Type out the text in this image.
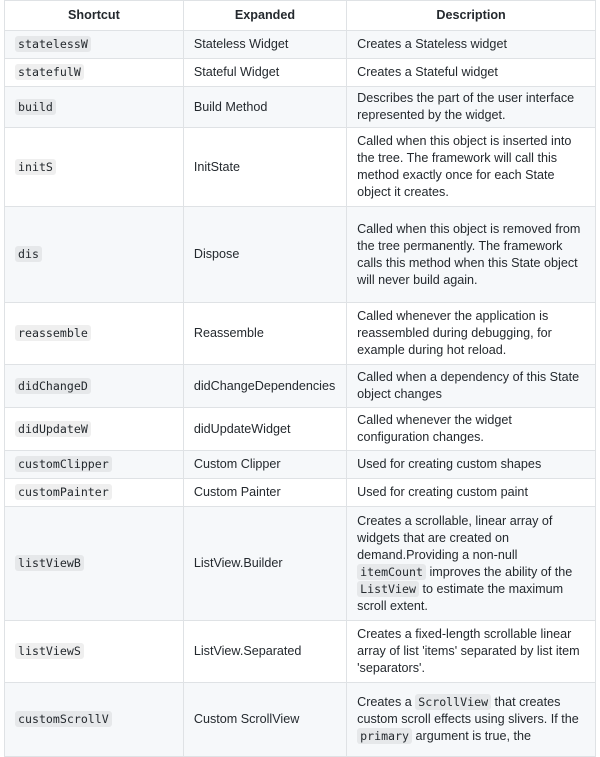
Shortcut	Expanded	Description
statelessW	Stateless Widget	Creates a Stateless widget
statefulW	Stateful Widget	Creates a Stateful widget
build	Build Method	Describes the part of the user interface represented by the widget.
initS	InitState	Called when this object is inserted into the tree. The framework will call this method exactly once for each State object it creates.
dis	Dispose	Called when this object is removed from the tree permanently. The framework calls this method when this State object will never build again.
reassemble	Reassemble	Called whenever the application is reassembled during debugging, for example during hot reload.
didChangeD	didChangeDependencies	Called when a dependency of this State object changes
didUpdateW	didUpdateWidget	Called whenever the widget configuration changes.
customClipper	Custom Clipper	Used for creating custom shapes
customPainter	Custom Painter	Used for creating custom paint
listViewB	ListView.Builder	Creates a scrollable, linear array of widgets that are created on demand.Providing a non-null itemCount improves the ability of the ListView to estimate the maximum scroll extent.
listViewS	ListView.Separated	Creates a fixed-length scrollable linear array of list 'items' separated by list item 'separators'.
customScrollV	Custom ScrollView	Creates a ScrollView that creates custom scroll effects using slivers. If the primary argument is true, the
